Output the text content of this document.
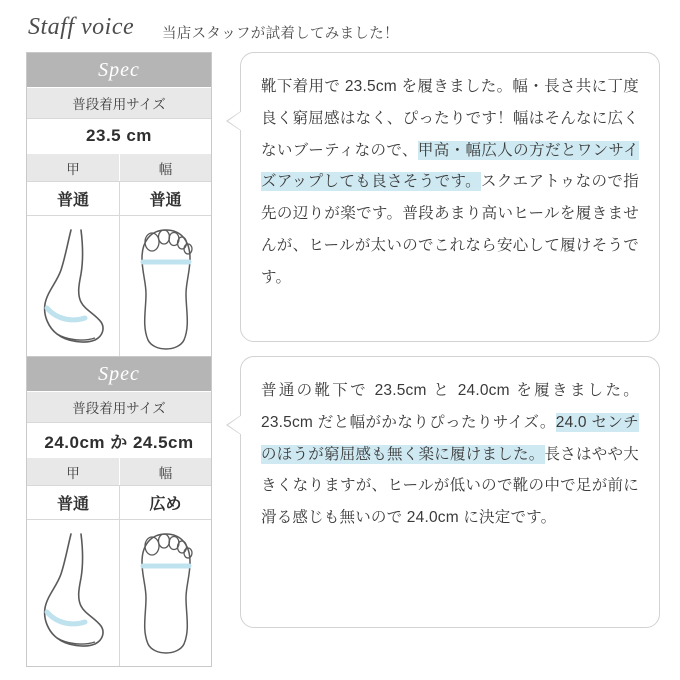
Staff voice 当店スタッフが試着してみました！
Spec
普段着用サイズ
23.5 cm
甲	幅
普通	普通

靴下着用で 23.5cm を履きました。幅・長さ共に丁度良く窮屈感はなく、ぴったりです！幅はそんなに広くないブーティなので、甲高・幅広人の方だとワンサイズアップしても良さそうです。スクエアトゥなので指先の辺りが楽です。普段あまり高いヒールを履きませんが、ヒールが太いのでこれなら安心して履けそうです。

Spec
普段着用サイズ
24.0cm か 24.5cm
甲	幅
普通	広め

普通の靴下で 23.5cm と 24.0cm を履きました。23.5cm だと幅がかなりぴったりサイズ。24.0 センチのほうが窮屈感も無く楽に履けました。長さはやや大きくなりますが、ヒールが低いので靴の中で足が前に滑る感じも無いので 24.0cm に決定です。
